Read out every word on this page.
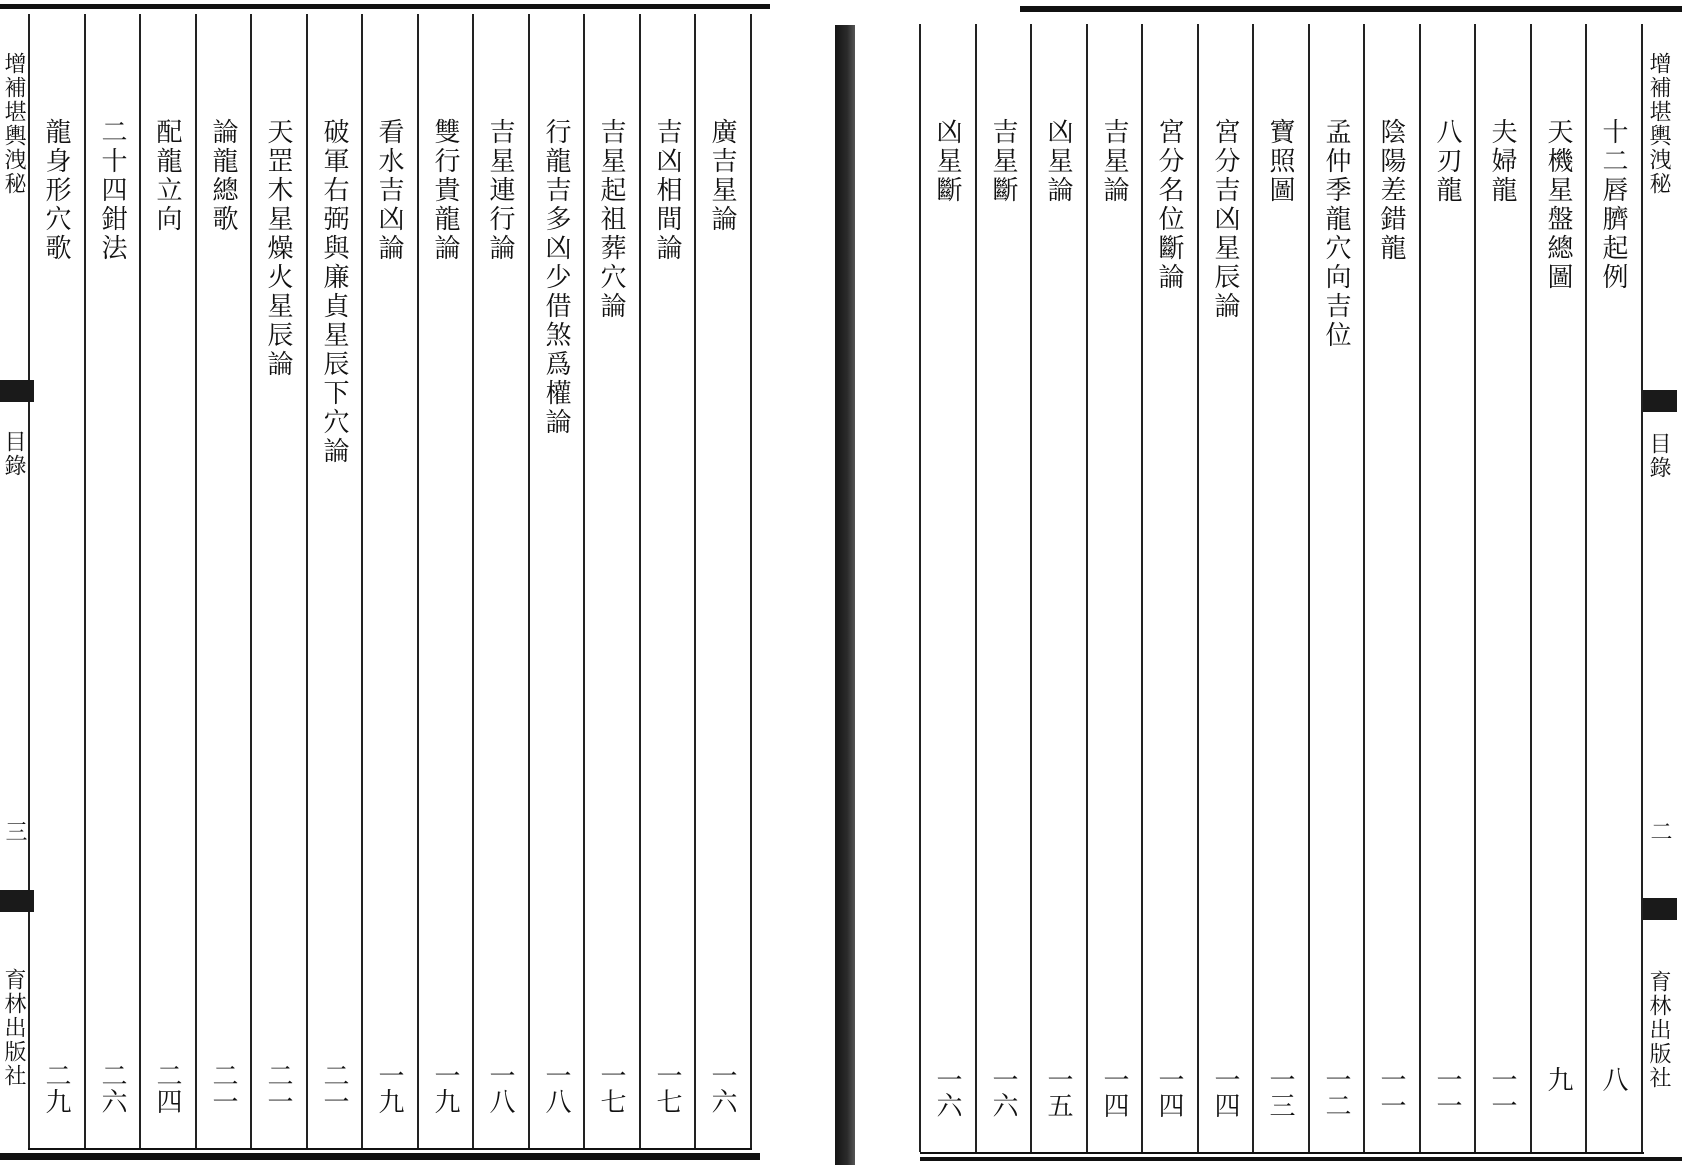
增補堪輿洩秘
目錄
三
育林出版社
廣吉星論
一六
吉凶相間論
一七
吉星起祖葬穴論
一七
行龍吉多凶少借煞爲權論
一八
吉星連行論
一八
雙行貴龍論
一九
看水吉凶論
一九
破軍右弼與廉貞星辰下穴論
二一
天罡木星燥火星辰論
二一
論龍總歌
二一
配龍立向
二四
二十四鉗法
二六
龍身形穴歌
二九
增補堪輿洩秘
目錄
二
育林出版社
十二唇臍起例
八
天機星盤總圖
九
夫婦龍
一一
八刃龍
一一
陰陽差錯龍
一一
孟仲季龍穴向吉位
一二
寶照圖
一三
宮分吉凶星辰論
一四
宮分名位斷論
一四
吉星論
一四
凶星論
一五
吉星斷
一六
凶星斷
一六
